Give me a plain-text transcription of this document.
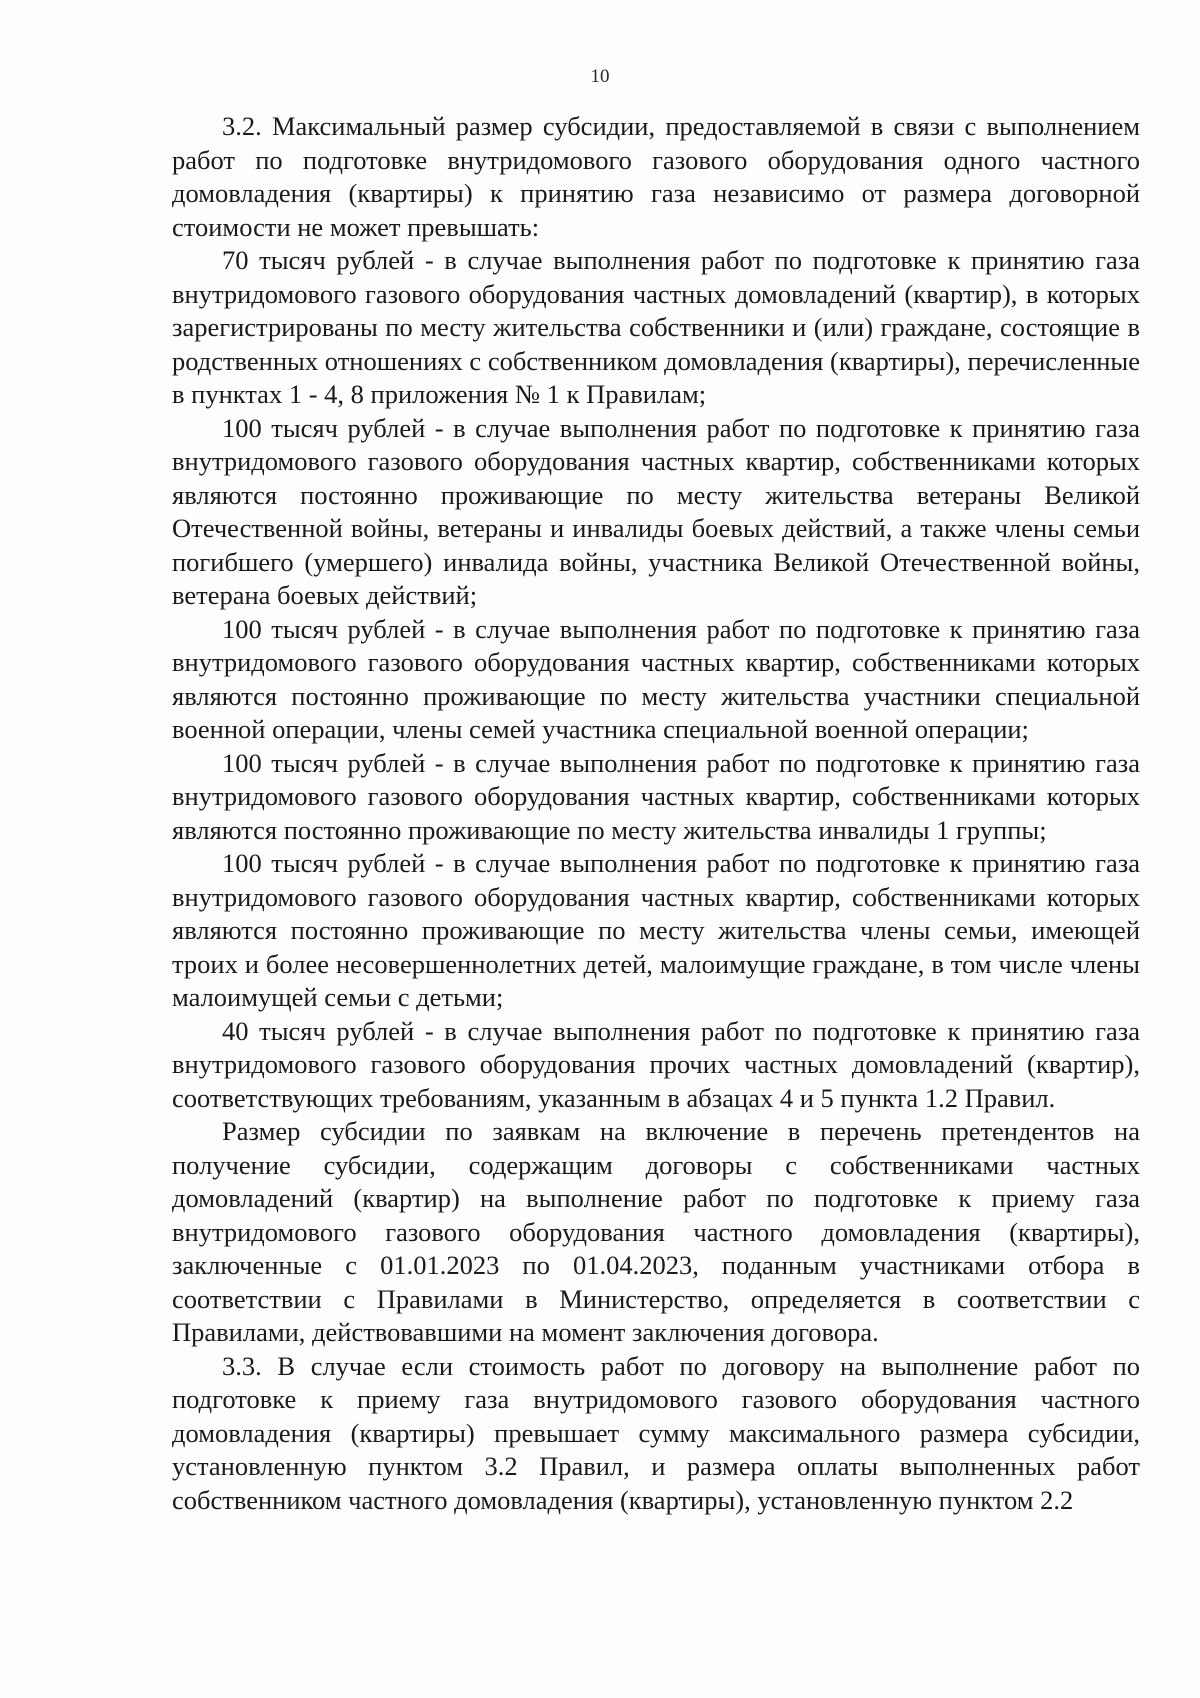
10

3.2. Максимальный размер субсидии, предоставляемой в связи с выполнением работ по подготовке внутридомового газового оборудования одного частного домовладения (квартиры) к принятию газа независимо от размера договорной стоимости не может превышать:

70 тысяч рублей - в случае выполнения работ по подготовке к принятию газа внутридомового газового оборудования частных домовладений (квартир), в которых зарегистрированы по месту жительства собственники и (или) граждане, состоящие в родственных отношениях с собственником домовладения (квартиры), перечисленные в пунктах 1 - 4, 8 приложения № 1 к Правилам;

100 тысяч рублей - в случае выполнения работ по подготовке к принятию газа внутридомового газового оборудования частных квартир, собственниками которых являются постоянно проживающие по месту жительства ветераны Великой Отечественной войны, ветераны и инвалиды боевых действий, а также члены семьи погибшего (умершего) инвалида войны, участника Великой Отечественной войны, ветерана боевых действий;

100 тысяч рублей - в случае выполнения работ по подготовке к принятию газа внутридомового газового оборудования частных квартир, собственниками которых являются постоянно проживающие по месту жительства участники специальной военной операции, члены семей участника специальной военной операции;

100 тысяч рублей - в случае выполнения работ по подготовке к принятию газа внутридомового газового оборудования частных квартир, собственниками которых являются постоянно проживающие по месту жительства инвалиды 1 группы;

100 тысяч рублей - в случае выполнения работ по подготовке к принятию газа внутридомового газового оборудования частных квартир, собственниками которых являются постоянно проживающие по месту жительства члены семьи, имеющей троих и более несовершеннолетних детей, малоимущие граждане, в том числе члены малоимущей семьи с детьми;

40 тысяч рублей - в случае выполнения работ по подготовке к принятию газа внутридомового газового оборудования прочих частных домовладений (квартир), соответствующих требованиям, указанным в абзацах 4 и 5 пункта 1.2 Правил.

Размер субсидии по заявкам на включение в перечень претендентов на получение субсидии, содержащим договоры с собственниками частных домовладений (квартир) на выполнение работ по подготовке к приему газа внутридомового газового оборудования частного домовладения (квартиры), заключенные с 01.01.2023 по 01.04.2023, поданным участниками отбора в соответствии с Правилами в Министерство, определяется в соответствии с Правилами, действовавшими на момент заключения договора.

3.3. В случае если стоимость работ по договору на выполнение работ по подготовке к приему газа внутридомового газового оборудования частного домовладения (квартиры) превышает сумму максимального размера субсидии, установленную пунктом 3.2 Правил, и размера оплаты выполненных работ собственником частного домовладения (квартиры), установленную пунктом 2.2
